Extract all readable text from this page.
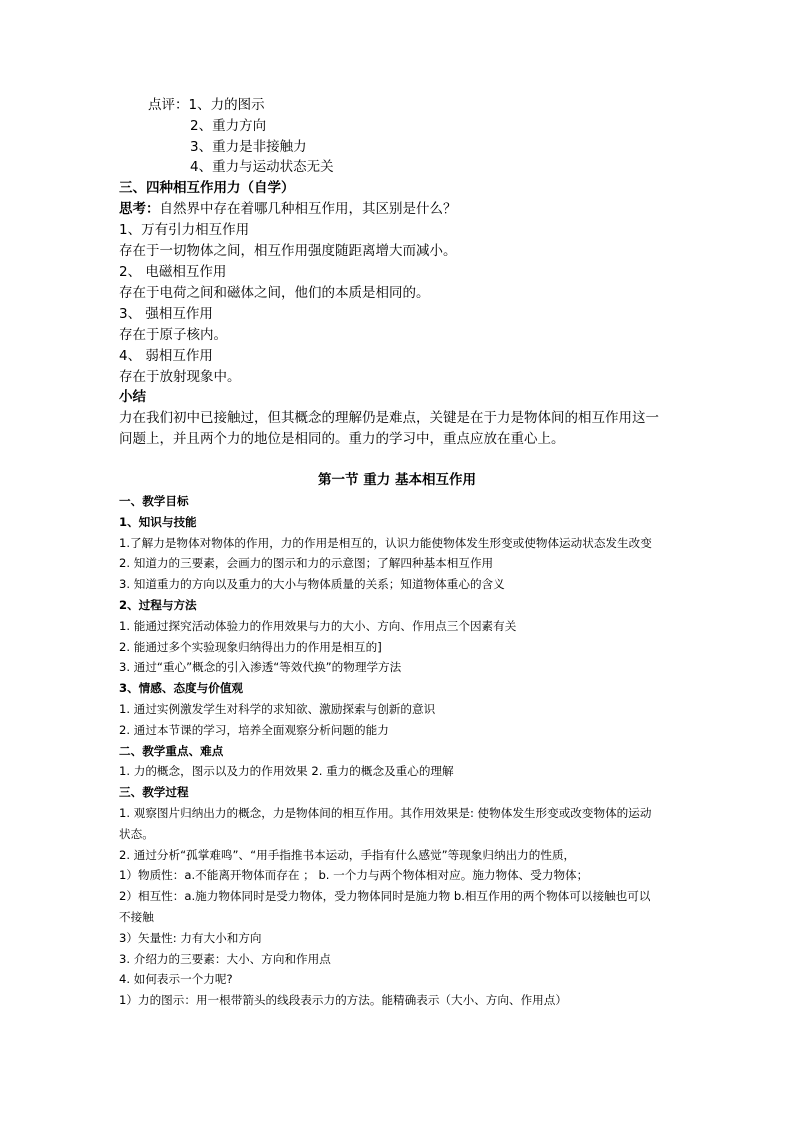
点评：1、力的图示
2、重力方向
3、重力是非接触力
4、重力与运动状态无关
三、四种相互作用力（自学）
思考：自然界中存在着哪几种相互作用，其区别是什么？
1、万有引力相互作用
存在于一切物体之间，相互作用强度随距离增大而减小。
2、 电磁相互作用
存在于电荷之间和磁体之间，他们的本质是相同的。
3、 强相互作用
存在于原子核内。
4、 弱相互作用
存在于放射现象中。
小结
力在我们初中已接触过，但其概念的理解仍是难点，关键是在于力是物体间的相互作用这一
问题上，并且两个力的地位是相同的。重力的学习中，重点应放在重心上。
第一节 重力 基本相互作用
一、教学目标
1、知识与技能
1.了解力是物体对物体的作用，力的作用是相互的，认识力能使物体发生形变或使物体运动状态发生改变
2. 知道力的三要素，会画力的图示和力的示意图；了解四种基本相互作用
3. 知道重力的方向以及重力的大小与物体质量的关系；知道物体重心的含义
2、过程与方法
1. 能通过探究活动体验力的作用效果与力的大小、方向、作用点三个因素有关
2. 能通过多个实验现象归纳得出力的作用是相互的]
3. 通过“重心”概念的引入渗透“等效代换”的物理学方法
3、情感、态度与价值观
1. 通过实例激发学生对科学的求知欲、激励探索与创新的意识
2. 通过本节课的学习，培养全面观察分析问题的能力
二、教学重点、难点
1. 力的概念，图示以及力的作用效果 2. 重力的概念及重心的理解
三、教学过程
1. 观察图片归纳出力的概念，力是物体间的相互作用。其作用效果是: 使物体发生形变或改变物体的运动
状态。
2. 通过分析“孤掌难鸣”、“用手指推书本运动，手指有什么感觉”等现象归纳出力的性质，
1）物质性：a.不能离开物体而存在 ； b. 一个力与两个物体相对应。施力物体、受力物体；
2）相互性：a.施力物体同时是受力物体，受力物体同时是施力物 b.相互作用的两个物体可以接触也可以
不接触
3）矢量性: 力有大小和方向
3. 介绍力的三要素：大小、方向和作用点
4. 如何表示一个力呢?
1）力的图示：用一根带箭头的线段表示力的方法。能精确表示（大小、方向、作用点）
